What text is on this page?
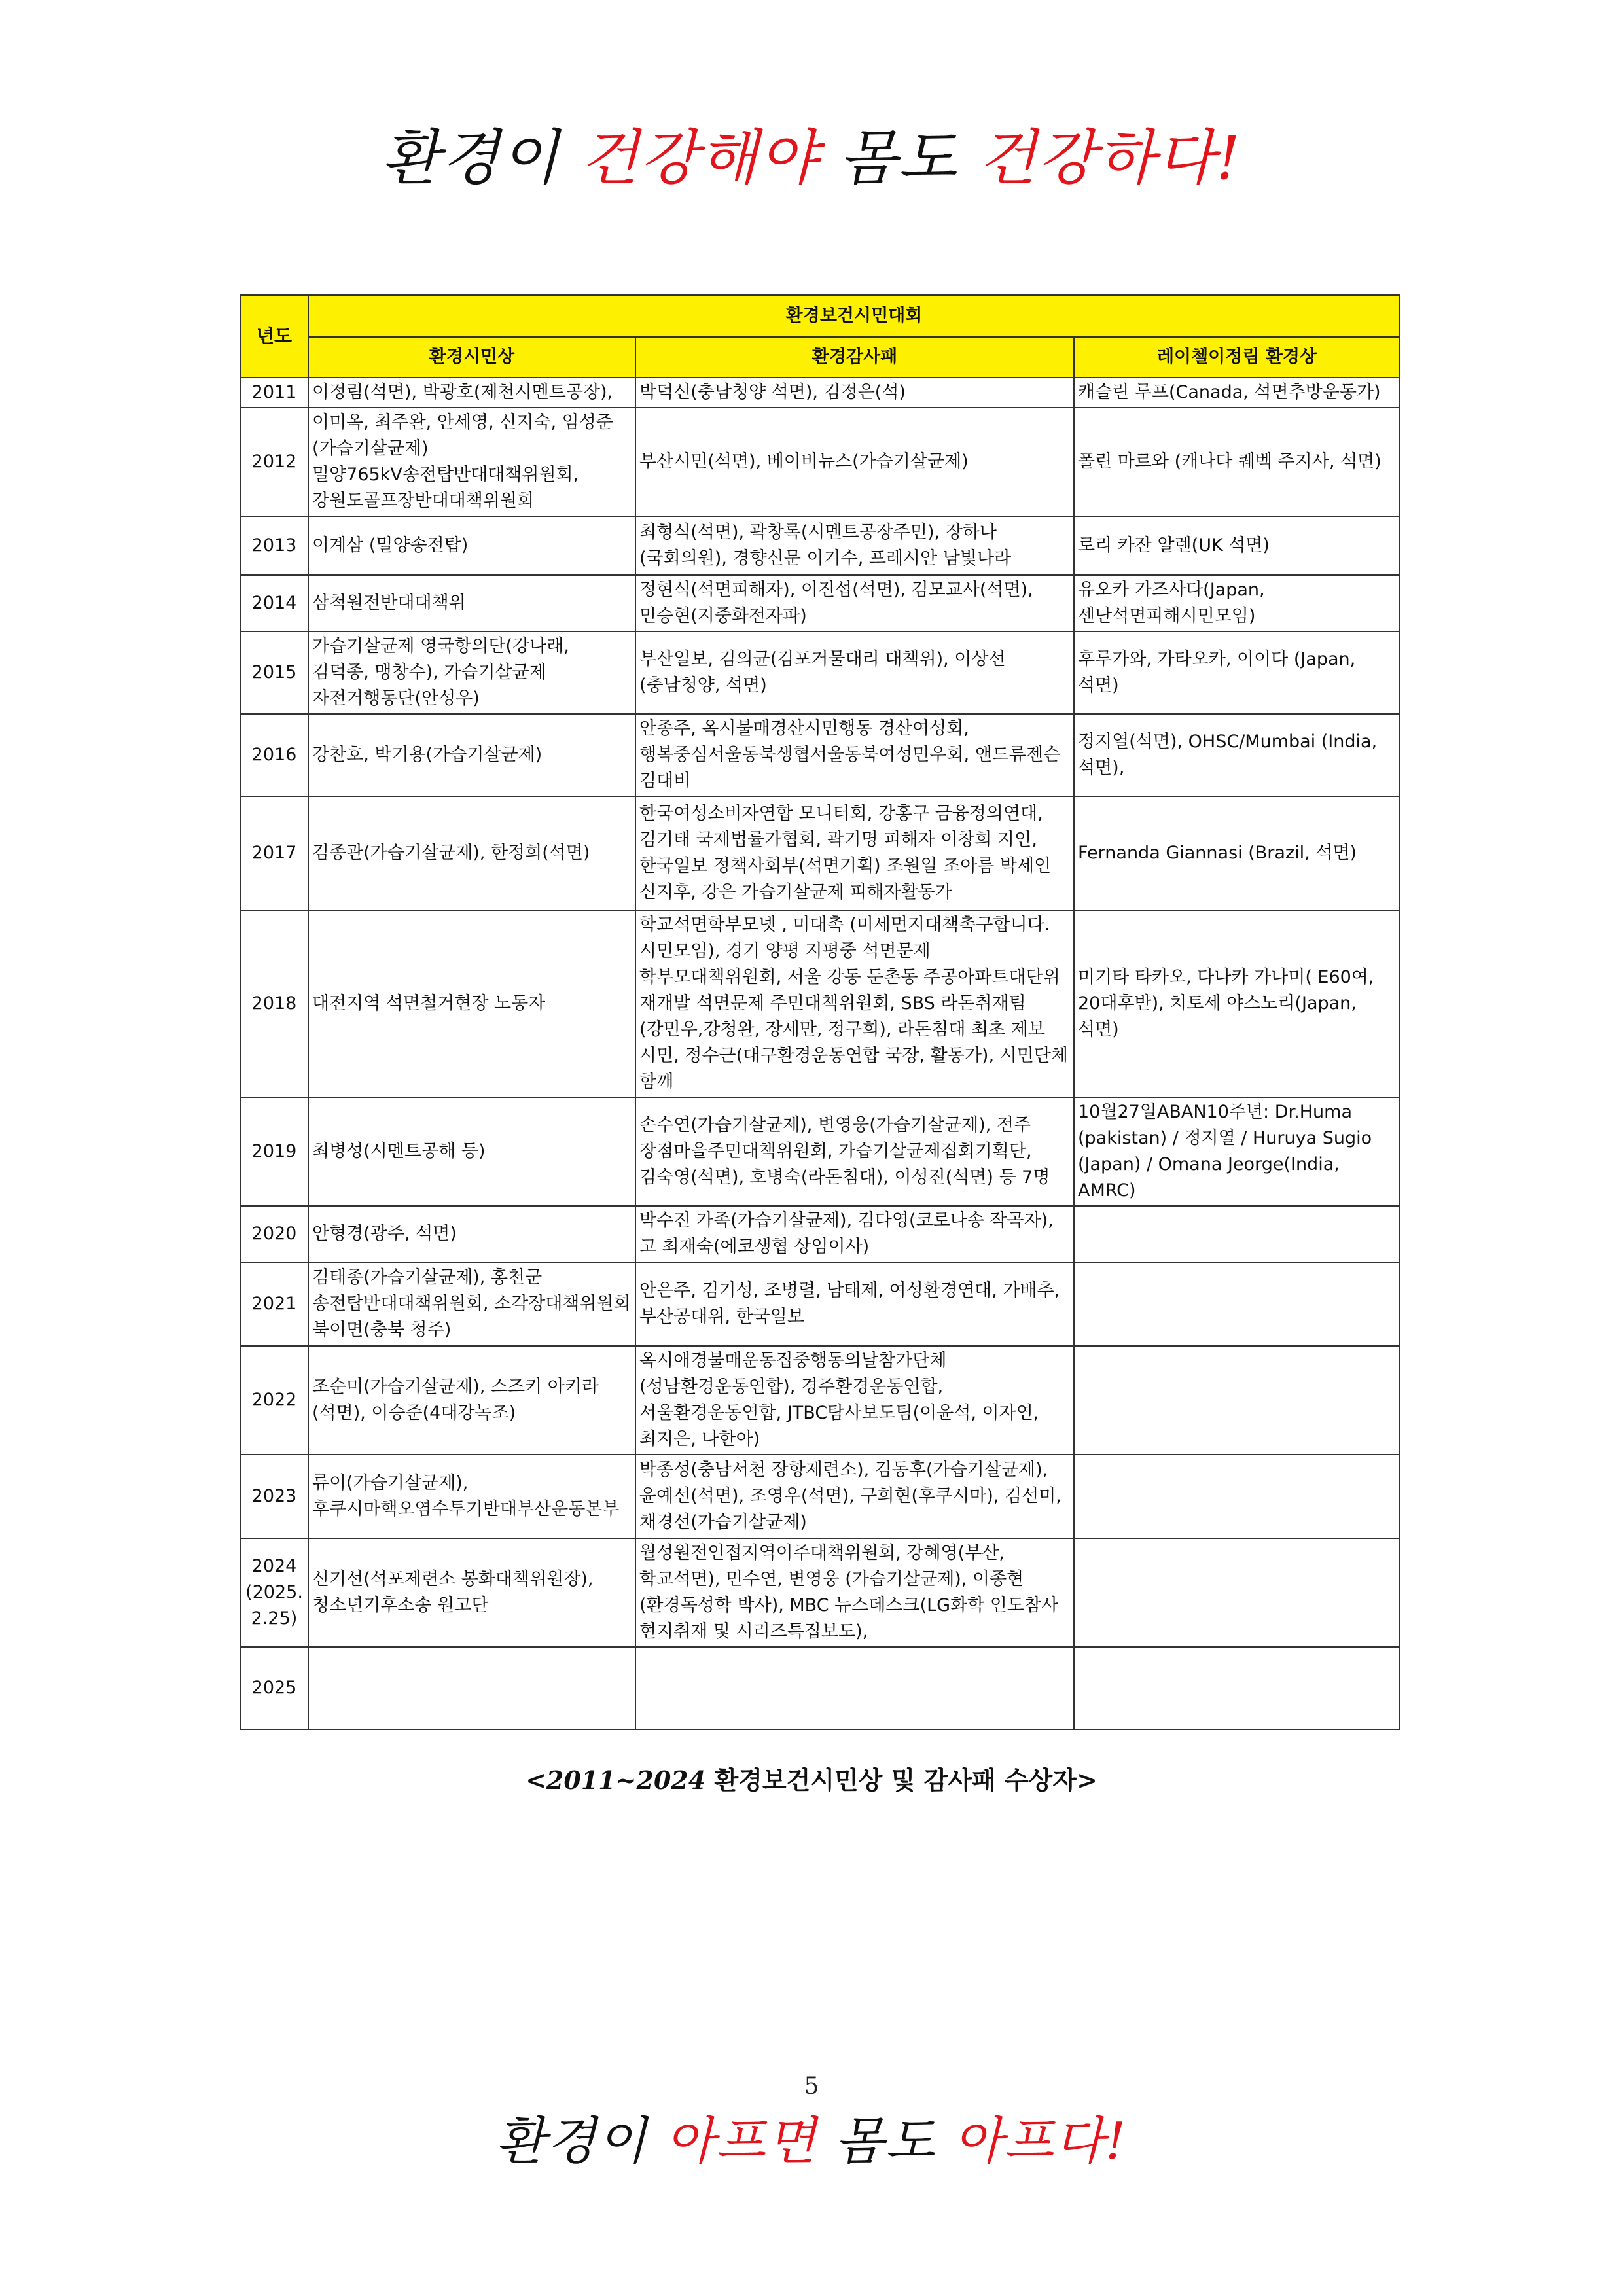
환경이 건강해야 몸도 건강하다!
년도	환경보건시민대회		
	환경시민상	환경감사패	레이첼이정림 환경상
2011	이정림(석면), 박광호(제천시멘트공장),	박덕신(충남청양 석면), 김정은(석)	캐슬린 루프(Canada, 석면추방운동가)
2012	이미옥, 최주완, 안세영, 신지숙, 임성준(가습기살균제) 밀양765kV송전탑반대대책위원회, 강원도골프장반대대책위원회	부산시민(석면), 베이비뉴스(가습기살균제)	폴린 마르와 (캐나다 퀘벡 주지사, 석면)
2013	이계삼 (밀양송전탑)	최형식(석면), 곽창록(시멘트공장주민), 장하나(국회의원), 경향신문 이기수, 프레시안 남빛나라	로리 카잔 알렌(UK 석면)
2014	삼척원전반대대책위	정현식(석면피해자), 이진섭(석면), 김모교사(석면), 민승현(지중화전자파)	유오카 가즈사다(Japan, 센난석면피해시민모임)
2015	가습기살균제 영국항의단(강나래, 김덕종, 맹창수), 가습기살균제 자전거행동단(안성우)	부산일보, 김의균(김포거물대리 대책위), 이상선(충남청양, 석면)	후루가와, 가타오카, 이이다 (Japan, 석면)
2016	강찬호, 박기용(가습기살균제)	안종주, 옥시불매경산시민행동 경산여성회, 행복중심서울동북생협서울동북여성민우회, 앤드류젠슨 김대비	정지열(석면), OHSC/Mumbai (India, 석면),
2017	김종관(가습기살균제), 한정희(석면)	한국여성소비자연합 모니터회, 강홍구 금융정의연대, 김기태 국제법률가협회, 곽기명 피해자 이창희 지인, 한국일보 정책사회부(석면기획) 조원일 조아름 박세인 신지후, 강은 가습기살균제 피해자활동가	Fernanda Giannasi (Brazil, 석면)
2018	대전지역 석면철거현장 노동자	학교석면학부모넷 , 미대촉 (미세먼지대책촉구합니다. 시민모임), 경기 양평 지평중 석면문제 학부모대책위원회, 서울 강동 둔촌동 주공아파트대단위 재개발 석면문제 주민대책위원회, SBS 라돈취재팀(강민우,강청완, 장세만, 정구희), 라돈침대 최초 제보 시민, 정수근(대구환경운동연합 국장, 활동가), 시민단체 함깨	미기타 타카오, 다나카 가나미( E60여, 20대후반), 치토세 야스노리(Japan,석면)
2019	최병성(시멘트공해 등)	손수연(가습기살균제), 변영웅(가습기살균제), 전주 장점마을주민대책위원회, 가습기살균제집회기획단, 김숙영(석면), 호병숙(라돈침대), 이성진(석면) 등 7명	10월27일ABAN10주년: Dr.Huma (pakistan) / 정지열 / Huruya Sugio (Japan) / Omana Jeorge(India, AMRC)
2020	안형경(광주, 석면)	박수진 가족(가습기살균제), 김다영(코로나송 작곡자), 고 최재숙(에코생협 상임이사)	
2021	김태종(가습기살균제), 홍천군 송전탑반대대책위원회, 소각장대책위원회 북이면(충북 청주)	안은주, 김기성, 조병렬, 남태제, 여성환경연대, 가배추, 부산공대위, 한국일보	
2022	조순미(가습기살균제), 스즈키 아키라(석면), 이승준(4대강녹조)	옥시애경불매운동집중행동의날참가단체(성남환경운동연합), 경주환경운동연합, 서울환경운동연합, JTBC탐사보도팀(이윤석, 이자연, 최지은, 나한아)	
2023	류이(가습기살균제), 후쿠시마핵오염수투기반대부산운동본부	박종성(충남서천 장항제련소), 김동후(가습기살균제), 윤예선(석면), 조영우(석면), 구희현(후쿠시마), 김선미, 채경선(가습기살균제)	
2024 (2025. 2.25)	신기선(석포제련소 봉화대책위원장), 청소년기후소송 원고단	월성원전인접지역이주대책위원회, 강혜영(부산, 학교석면), 민수연, 변영웅 (가습기살균제), 이종현 (환경독성학 박사), MBC 뉴스데스크(LG화학 인도참사 현지취재 및 시리즈특집보도),	
2025			
<2011~2024 환경보건시민상 및 감사패 수상자>
5
환경이 아프면 몸도 아프다!
